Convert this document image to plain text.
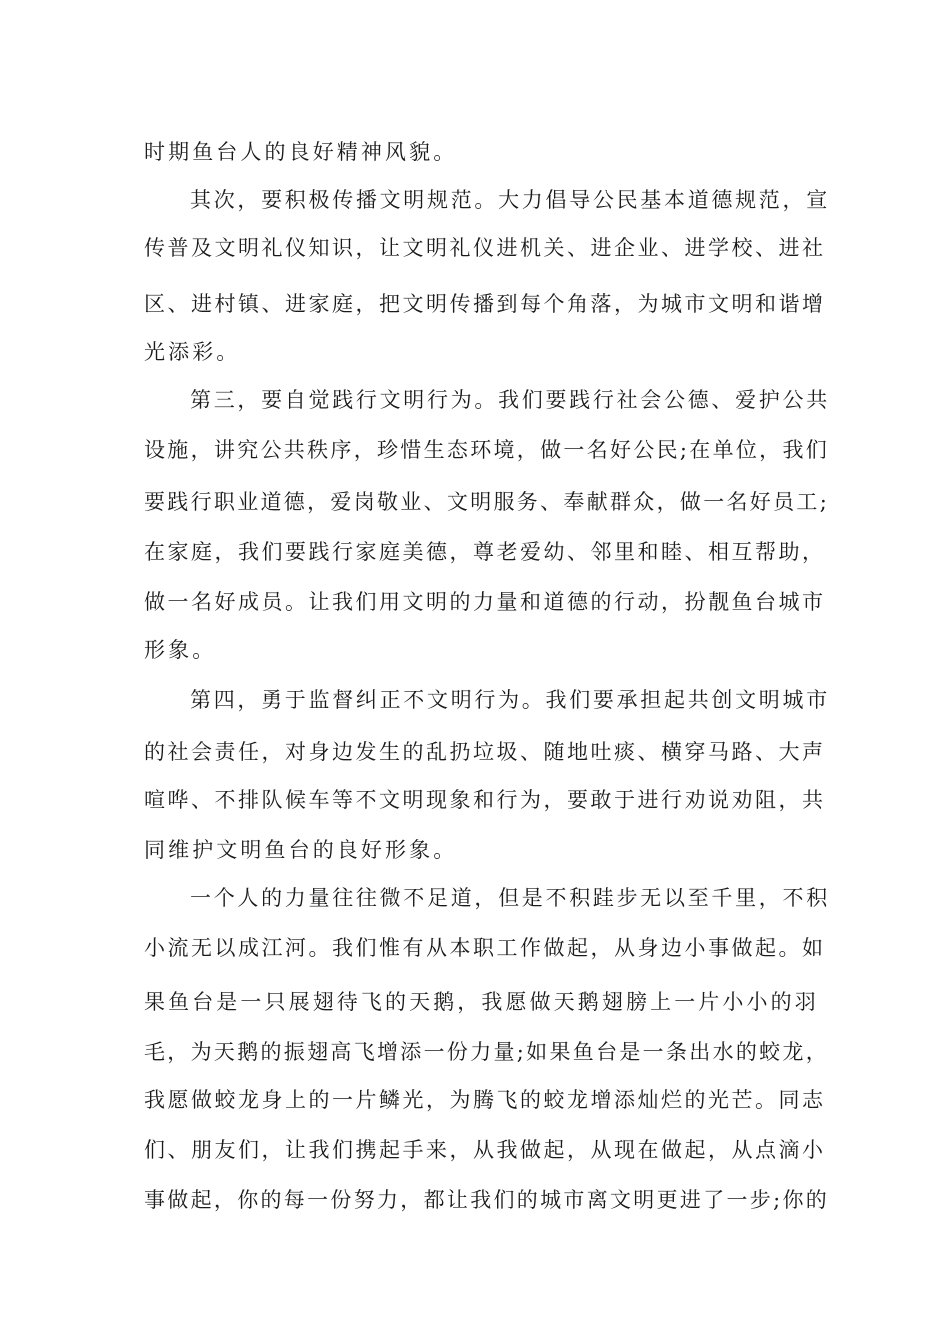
时期鱼台人的良好精神风貌。
其次，要积极传播文明规范。大力倡导公民基本道德规范，宣
传普及文明礼仪知识，让文明礼仪进机关、进企业、进学校、进社
区、进村镇、进家庭，把文明传播到每个角落，为城市文明和谐增
光添彩。
第三，要自觉践行文明行为。我们要践行社会公德、爱护公共
设施，讲究公共秩序，珍惜生态环境，做一名好公民;在单位，我们
要践行职业道德，爱岗敬业、文明服务、奉献群众，做一名好员工;
在家庭，我们要践行家庭美德，尊老爱幼、邻里和睦、相互帮助，
做一名好成员。让我们用文明的力量和道德的行动，扮靓鱼台城市
形象。
第四，勇于监督纠正不文明行为。我们要承担起共创文明城市
的社会责任，对身边发生的乱扔垃圾、随地吐痰、横穿马路、大声
喧哗、不排队候车等不文明现象和行为，要敢于进行劝说劝阻，共
同维护文明鱼台的良好形象。
一个人的力量往往微不足道，但是不积跬步无以至千里，不积
小流无以成江河。我们惟有从本职工作做起，从身边小事做起。如
果鱼台是一只展翅待飞的天鹅，我愿做天鹅翅膀上一片小小的羽
毛，为天鹅的振翅高飞增添一份力量;如果鱼台是一条出水的蛟龙，
我愿做蛟龙身上的一片鳞光，为腾飞的蛟龙增添灿烂的光芒。同志
们、朋友们，让我们携起手来，从我做起，从现在做起，从点滴小
事做起，你的每一份努力，都让我们的城市离文明更进了一步;你的
